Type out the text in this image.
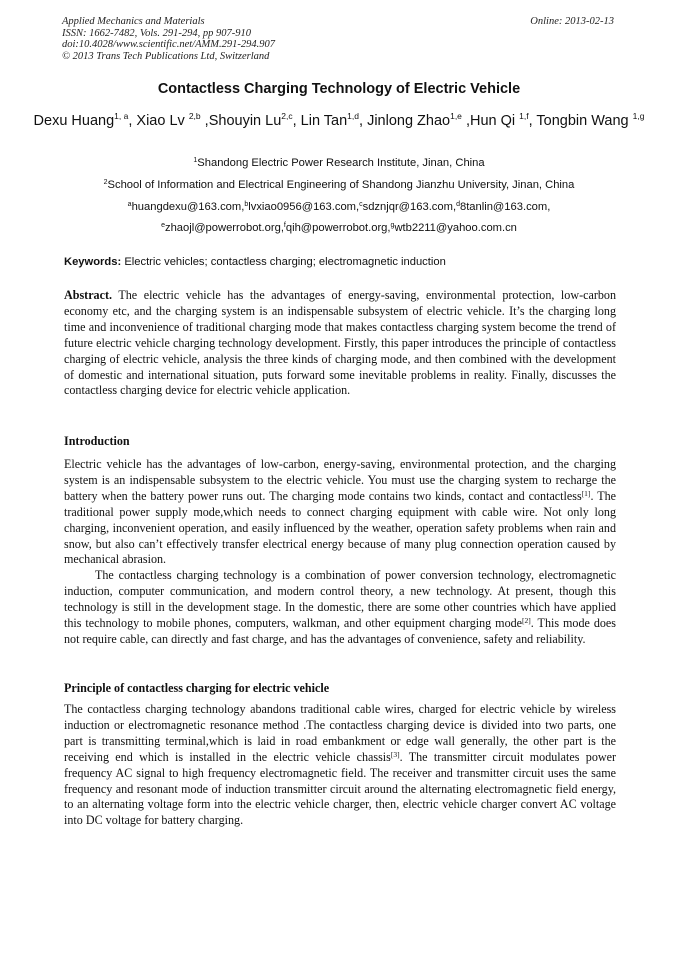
Applied Mechanics and Materials
ISSN: 1662-7482, Vols. 291-294, pp 907-910
doi:10.4028/www.scientific.net/AMM.291-294.907
© 2013 Trans Tech Publications Ltd, Switzerland
Online: 2013-02-13
Contactless Charging Technology of Electric Vehicle
Dexu Huang$^{1, a}$, Xiao Lv $^{2,b}$ ,Shouyin Lu$^{2,c}$, Lin Tan$^{1,d}$, Jinlong Zhao$^{1,e}$ ,Hun Qi $^{1,f}$, Tongbin Wang $^{1,g}$
$^1$Shandong Electric Power Research Institute, Jinan, China
$^2$School of Information and Electrical Engineering of Shandong Jianzhu University, Jinan, China
$^a$huangdexu@163.com,$^b$lvxiao0956@163.com,$^c$sdznjqr@163.com,$^d$8tanlin@163.com,
$^e$zhaojl@powerrobot.org,$^f$qih@powerrobot.org,$^g$wtb2211@yahoo.com.cn
Keywords: Electric vehicles; contactless charging; electromagnetic induction
Abstract. The electric vehicle has the advantages of energy-saving, environmental protection, low-carbon economy etc, and the charging system is an indispensable subsystem of electric vehicle. It’s the charging long time and inconvenience of traditional charging mode that makes contactless charging system become the trend of future electric vehicle charging technology development. Firstly, this paper introduces the principle of contactless charging of electric vehicle, analysis the three kinds of charging mode, and then combined with the development of domestic and international situation, puts forward some inevitable problems in reality. Finally, discusses the contactless charging device for electric vehicle application.
Introduction

Electric vehicle has the advantages of low-carbon, energy-saving, environmental protection, and the charging system is an indispensable subsystem to the electric vehicle. You must use the charging system to recharge the battery when the battery power runs out. The charging mode contains two kinds, contact and contactless[1]. The traditional power supply mode,which needs to connect charging equipment with cable wire. Not only long charging, inconvenient operation, and easily influenced by the weather, operation safety problems when rain and snow, but also can’t effectively transfer electrical energy because of many plug connection operation caused by mechanical abrasion.

The contactless charging technology is a combination of power conversion technology, electromagnetic induction, computer communication, and modern control theory, a new technology. At present, though this technology is still in the development stage. In the domestic, there are some other countries which have applied this technology to mobile phones, computers, walkman, and other equipment charging mode[2]. This mode does not require cable, can directly and fast charge, and has the advantages of convenience, safety and reliability.

Principle of contactless charging for electric vehicle

The contactless charging technology abandons traditional cable wires, charged for electric vehicle by wireless induction or electromagnetic resonance method .The contactless charging device is divided into two parts, one part is transmitting terminal,which is laid in road embankment or edge wall generally, the other part is the receiving end which is installed in the electric vehicle chassis[3]. The transmitter circuit modulates power frequency AC signal to high frequency electromagnetic field. The receiver and transmitter circuit uses the same frequency and resonant mode of induction transmitter circuit around the alternating electromagnetic field energy, to an alternating voltage form into the electric vehicle charger, then, electric vehicle charger convert AC voltage into DC voltage for battery charging.
